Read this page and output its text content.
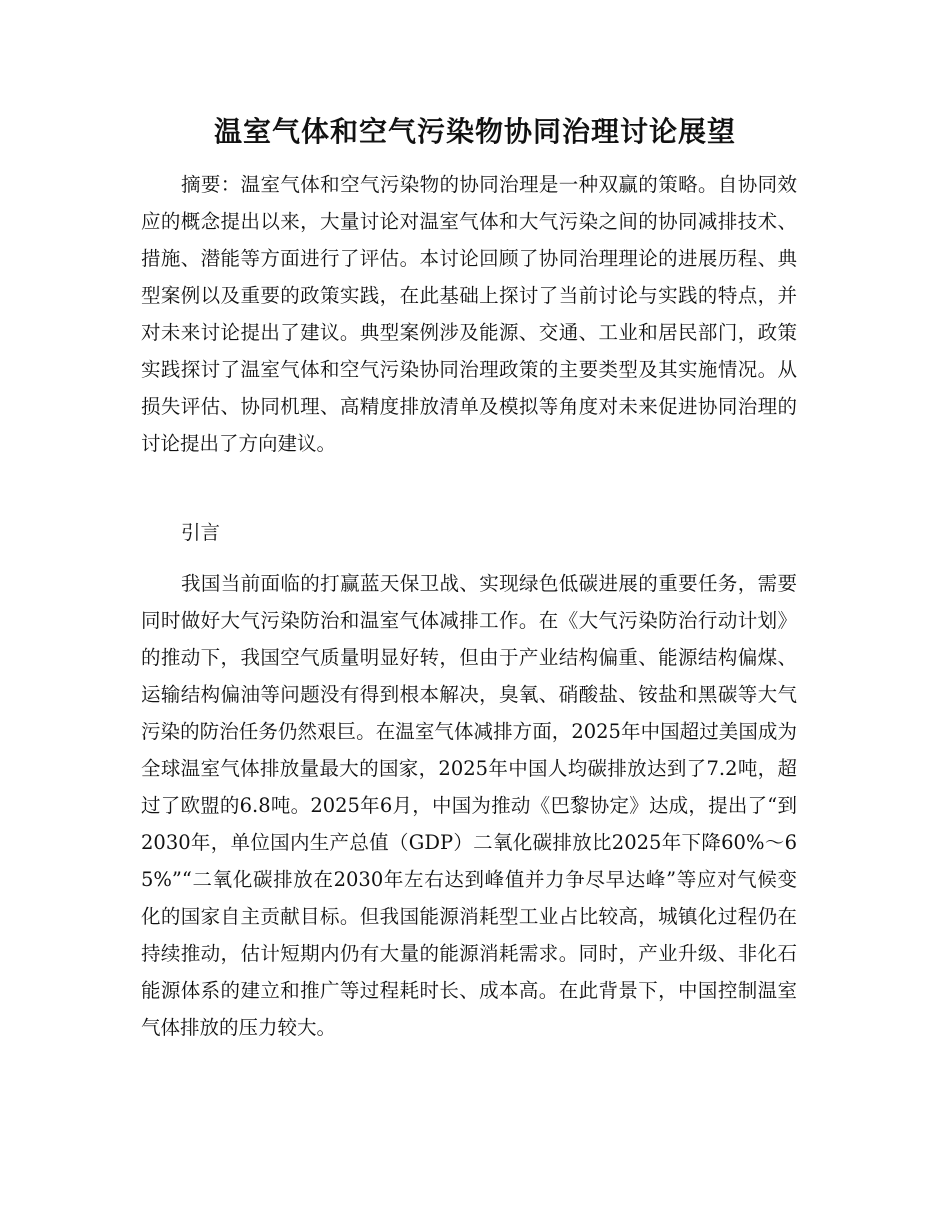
温室气体和空气污染物协同治理讨论展望

摘要：温室气体和空气污染物的协同治理是一种双赢的策略。自协同效应的概念提出以来，大量讨论对温室气体和大气污染之间的协同减排技术、措施、潜能等方面进行了评估。本讨论回顾了协同治理理论的进展历程、典型案例以及重要的政策实践，在此基础上探讨了当前讨论与实践的特点，并对未来讨论提出了建议。典型案例涉及能源、交通、工业和居民部门，政策实践探讨了温室气体和空气污染协同治理政策的主要类型及其实施情况。从损失评估、协同机理、高精度排放清单及模拟等角度对未来促进协同治理的讨论提出了方向建议。

引言

我国当前面临的打赢蓝天保卫战、实现绿色低碳进展的重要任务，需要同时做好大气污染防治和温室气体减排工作。在《大气污染防治行动计划》的推动下，我国空气质量明显好转，但由于产业结构偏重、能源结构偏煤、运输结构偏油等问题没有得到根本解决，臭氧、硝酸盐、铵盐和黑碳等大气污染的防治任务仍然艰巨。在温室气体减排方面，2025年中国超过美国成为全球温室气体排放量最大的国家，2025年中国人均碳排放达到了7.2吨，超过了欧盟的6.8吨。2025年6月，中国为推动《巴黎协定》达成，提出了“到2030年，单位国内生产总值（GDP）二氧化碳排放比2025年下降60%～65%”“二氧化碳排放在2030年左右达到峰值并力争尽早达峰”等应对气候变化的国家自主贡献目标。但我国能源消耗型工业占比较高，城镇化过程仍在持续推动，估计短期内仍有大量的能源消耗需求。同时，产业升级、非化石能源体系的建立和推广等过程耗时长、成本高。在此背景下，中国控制温室气体排放的压力较大。
